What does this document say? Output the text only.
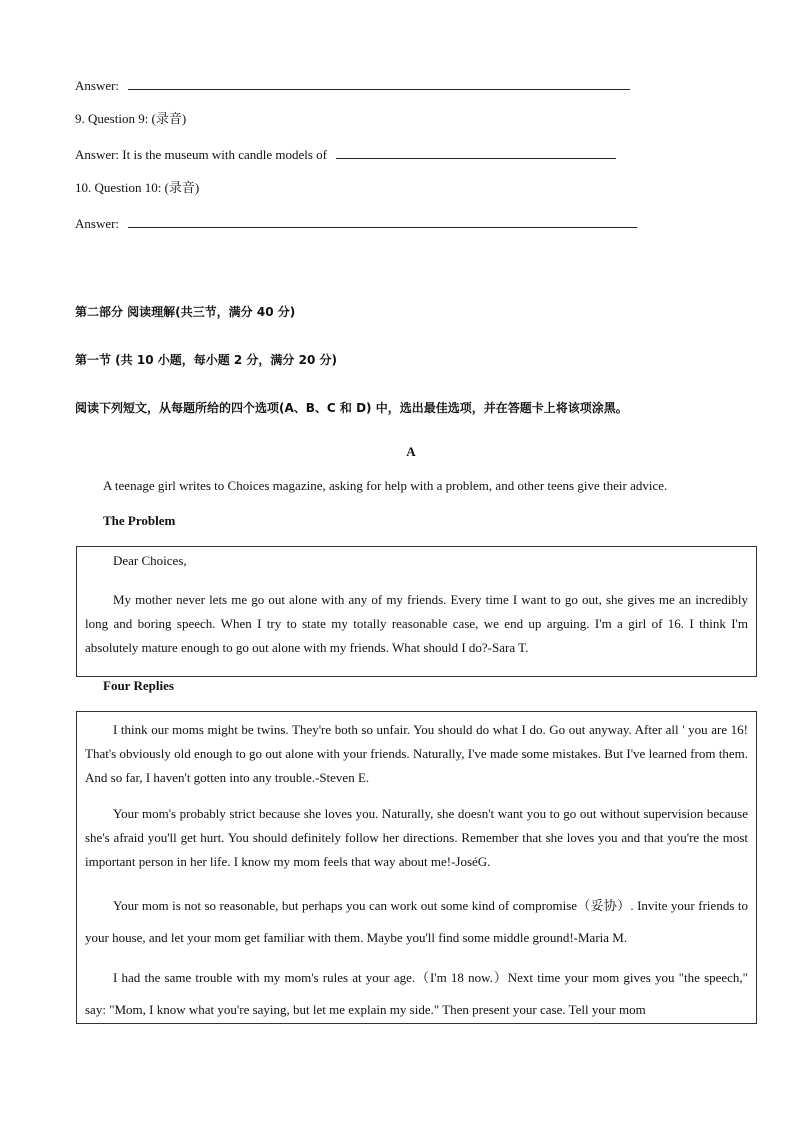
Answer:
9. Question 9: (录音)
Answer: It is the museum with candle models of
10. Question 10: (录音)
Answer:
第二部分 阅读理解(共三节，满分 40 分)
第一节 (共 10 小题，每小题 2 分，满分 20 分)
阅读下列短文，从每题所给的四个选项(A、B、C 和 D) 中，选出最佳选项，并在答题卡上将该项涂黑。
A
A teenage girl writes to Choices magazine, asking for help with a problem, and other teens give their advice.
The Problem

Dear Choices,

My mother never lets me go out alone with any of my friends. Every time I want to go out, she gives me an incredibly long and boring speech. When I try to state my totally reasonable case, we end up arguing. I'm a girl of 16. I think I'm absolutely mature enough to go out alone with my friends. What should I do?-Sara T.

Four Replies

I think our moms might be twins. They're both so unfair. You should do what I do. Go out anyway. After all ' you are 16! That's obviously old enough to go out alone with your friends. Naturally, I've made some mistakes. But I've learned from them. And so far, I haven't gotten into any trouble.-Steven E.

Your mom's probably strict because she loves you. Naturally, she doesn't want you to go out without supervision because she's afraid you'll get hurt. You should definitely follow her directions. Remember that she loves you and that you're the most important person in her life. I know my mom feels that way about me!-JoséG.

Your mom is not so reasonable, but perhaps you can work out some kind of compromise（妥协）. Invite your friends to your house, and let your mom get familiar with them. Maybe you'll find some middle ground!-Maria M.

I had the same trouble with my mom's rules at your age.（I'm 18 now.）Next time your mom gives you "the speech," say: "Mom, I know what you're saying, but let me explain my side." Then present your case. Tell your mom
